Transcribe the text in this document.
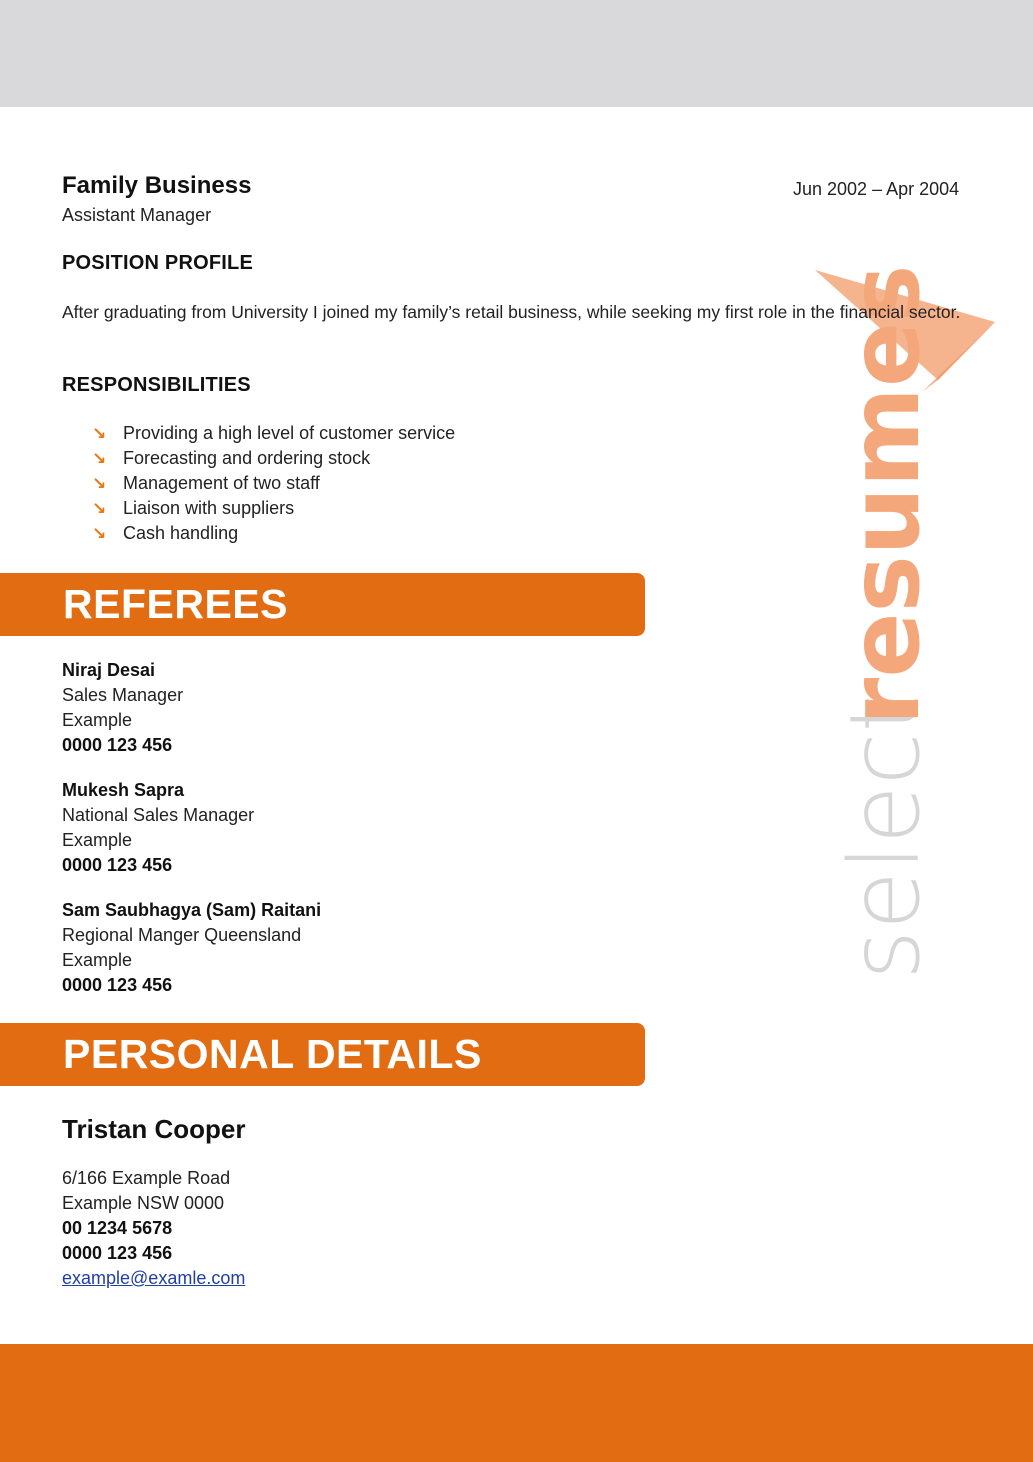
select
resumes
Family Business
Assistant Manager
Jun 2002 – Apr 2004
POSITION PROFILE

After graduating from University I joined my family’s retail business, while seeking my first role in the financial sector.

RESPONSIBILITIES
↘ Providing a high level of customer service
↘ Forecasting and ordering stock
↘ Management of two staff
↘ Liaison with suppliers
↘ Cash handling
REFEREES
Niraj Desai
Sales Manager
Example
0000 123 456
Mukesh Sapra
National Sales Manager
Example
0000 123 456
Sam Saubhagya (Sam) Raitani
Regional Manger Queensland
Example
0000 123 456
PERSONAL DETAILS
Tristan Cooper
6/166 Example Road
Example NSW 0000
00 1234 5678
0000 123 456
example@examle.com
